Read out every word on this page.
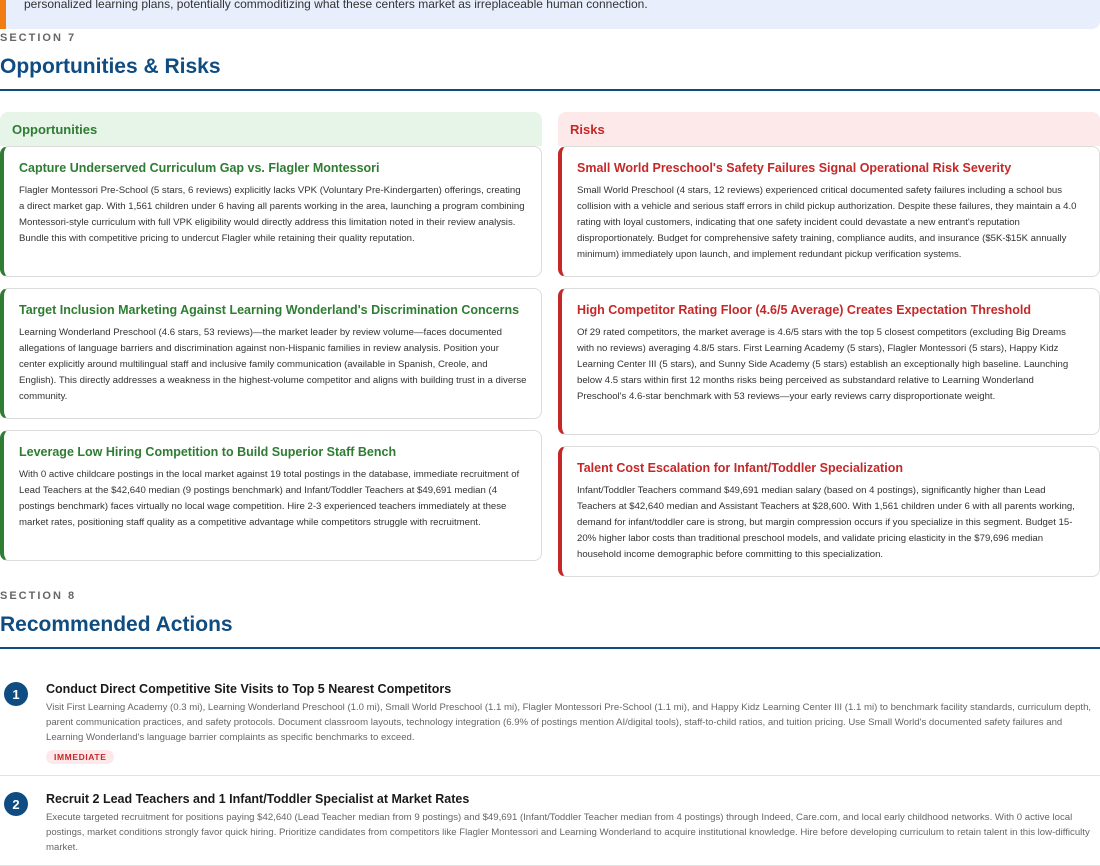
personalized learning plans, potentially commoditizing what these centers market as irreplaceable human connection.

SECTION 7
Opportunities & Risks
Opportunities
Capture Underserved Curriculum Gap vs. Flagler Montessori

Flagler Montessori Pre-School (5 stars, 6 reviews) explicitly lacks VPK (Voluntary Pre-Kindergarten) offerings, creating a direct market gap. With 1,561 children under 6 having all parents working in the area, launching a program combining Montessori-style curriculum with full VPK eligibility would directly address this limitation noted in their review analysis. Bundle this with competitive pricing to undercut Flagler while retaining their quality reputation.

Target Inclusion Marketing Against Learning Wonderland's Discrimination Concerns

Learning Wonderland Preschool (4.6 stars, 53 reviews)—the market leader by review volume—faces documented allegations of language barriers and discrimination against non-Hispanic families in review analysis. Position your center explicitly around multilingual staff and inclusive family communication (available in Spanish, Creole, and English). This directly addresses a weakness in the highest-volume competitor and aligns with building trust in a diverse community.

Leverage Low Hiring Competition to Build Superior Staff Bench

With 0 active childcare postings in the local market against 19 total postings in the database, immediate recruitment of Lead Teachers at the $42,640 median (9 postings benchmark) and Infant/Toddler Teachers at $49,691 median (4 postings benchmark) faces virtually no local wage competition. Hire 2-3 experienced teachers immediately at these market rates, positioning staff quality as a competitive advantage while competitors struggle with recruitment.

Risks
Small World Preschool's Safety Failures Signal Operational Risk Severity

Small World Preschool (4 stars, 12 reviews) experienced critical documented safety failures including a school bus collision with a vehicle and serious staff errors in child pickup authorization. Despite these failures, they maintain a 4.0 rating with loyal customers, indicating that one safety incident could devastate a new entrant's reputation disproportionately. Budget for comprehensive safety training, compliance audits, and insurance ($5K-$15K annually minimum) immediately upon launch, and implement redundant pickup verification systems.

High Competitor Rating Floor (4.6/5 Average) Creates Expectation Threshold

Of 29 rated competitors, the market average is 4.6/5 stars with the top 5 closest competitors (excluding Big Dreams with no reviews) averaging 4.8/5 stars. First Learning Academy (5 stars), Flagler Montessori (5 stars), Happy Kidz Learning Center III (5 stars), and Sunny Side Academy (5 stars) establish an exceptionally high baseline. Launching below 4.5 stars within first 12 months risks being perceived as substandard relative to Learning Wonderland Preschool's 4.6-star benchmark with 53 reviews—your early reviews carry disproportionate weight.

Talent Cost Escalation for Infant/Toddler Specialization

Infant/Toddler Teachers command $49,691 median salary (based on 4 postings), significantly higher than Lead Teachers at $42,640 median and Assistant Teachers at $28,600. With 1,561 children under 6 with all parents working, demand for infant/toddler care is strong, but margin compression occurs if you specialize in this segment. Budget 15-20% higher labor costs than traditional preschool models, and validate pricing elasticity in the $79,696 median household income demographic before committing to this specialization.

SECTION 8
Recommended Actions
1	Conduct Direct Competitive Site Visits to Top 5 Nearest Competitors

Visit First Learning Academy (0.3 mi), Learning Wonderland Preschool (1.0 mi), Small World Preschool (1.1 mi), Flagler Montessori Pre-School (1.1 mi), and Happy Kidz Learning Center III (1.1 mi) to benchmark facility standards, curriculum depth, parent communication practices, and safety protocols. Document classroom layouts, technology integration (6.9% of postings mention AI/digital tools), staff-to-child ratios, and tuition pricing. Use Small World's documented safety failures and Learning Wonderland's language barrier complaints as specific benchmarks to exceed.

IMMEDIATE
2	Recruit 2 Lead Teachers and 1 Infant/Toddler Specialist at Market Rates

Execute targeted recruitment for positions paying $42,640 (Lead Teacher median from 9 postings) and $49,691 (Infant/Toddler Teacher median from 4 postings) through Indeed, Care.com, and local early childhood networks. With 0 active local postings, market conditions strongly favor quick hiring. Prioritize candidates from competitors like Flagler Montessori and Learning Wonderland to acquire institutional knowledge. Hire before developing curriculum to retain talent in this low-difficulty market.
